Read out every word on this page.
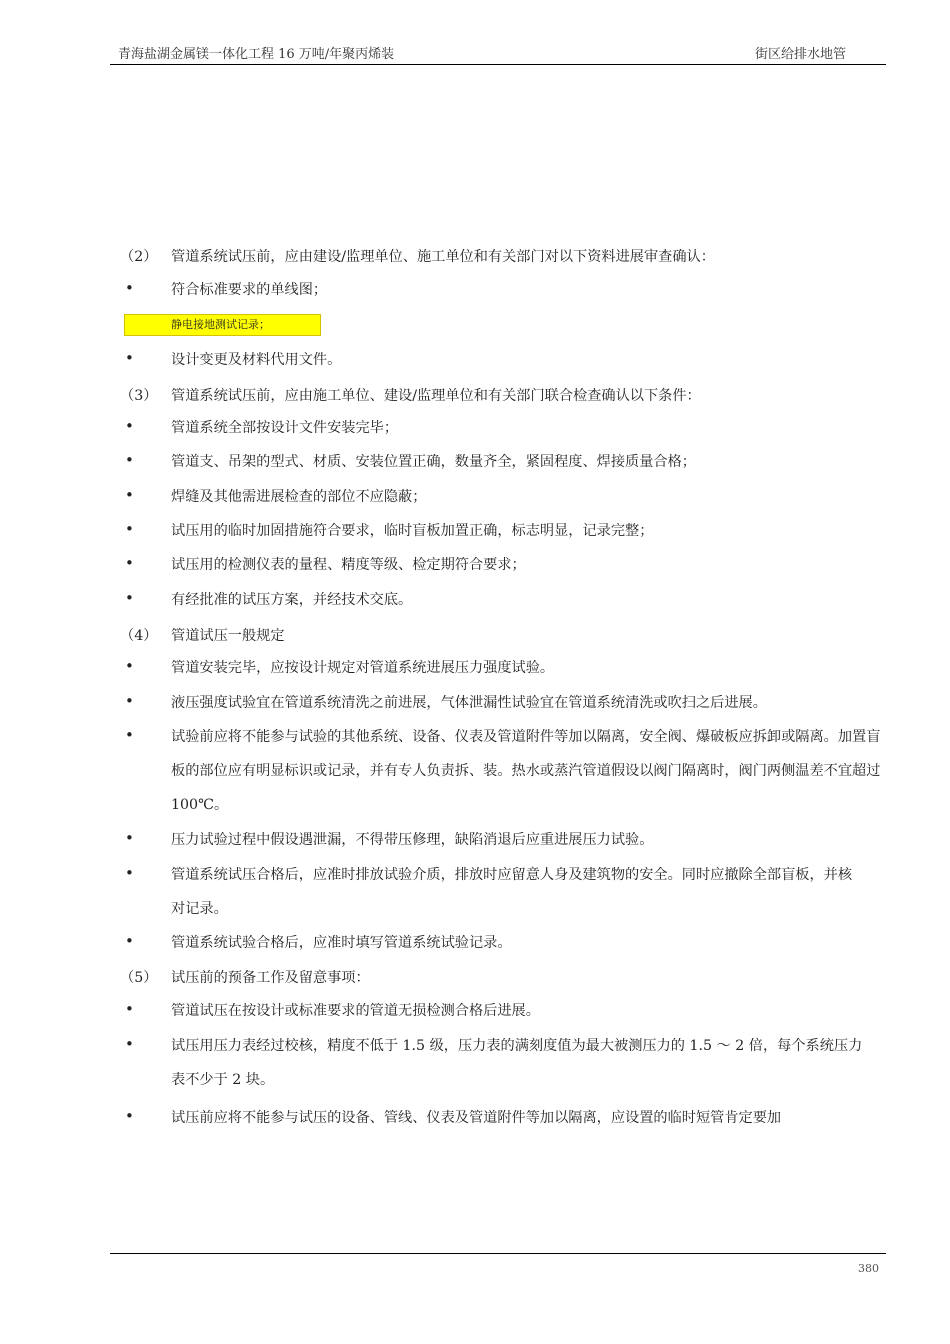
青海盐湖金属镁一体化工程 16 万吨/年聚丙烯装	街区给排水地管
（2） 管道系统试压前，应由建设/监理单位、施工单位和有关部门对以下资料进展审查确认：
•	符合标准要求的单线图；
静电接地测试记录；
•	设计变更及材料代用文件。
（3） 管道系统试压前，应由施工单位、建设/监理单位和有关部门联合检查确认以下条件：
•	管道系统全部按设计文件安装完毕；
•	管道支、吊架的型式、材质、安装位置正确，数量齐全，紧固程度、焊接质量合格；
•	焊缝及其他需进展检查的部位不应隐蔽；
•	试压用的临时加固措施符合要求，临时盲板加置正确，标志明显，记录完整；
•	试压用的检测仪表的量程、精度等级、检定期符合要求；
•	有经批准的试压方案，并经技术交底。
（4） 管道试压一般规定
•	管道安装完毕，应按设计规定对管道系统进展压力强度试验。
•	液压强度试验宜在管道系统清洗之前进展，气体泄漏性试验宜在管道系统清洗或吹扫之后进展。
•	试验前应将不能参与试验的其他系统、设备、仪表及管道附件等加以隔离，安全阀、爆破板应拆卸或隔离。加置盲板的部位应有明显标识或记录，并有专人负责拆、装。热水或蒸汽管道假设以阀门隔离时，阀门两侧温差不宜超过 100℃。
•	压力试验过程中假设遇泄漏，不得带压修理，缺陷消退后应重进展压力试验。
•	管道系统试压合格后，应准时排放试验介质，排放时应留意人身及建筑物的安全。同时应撤除全部盲板，并核对记录。
•	管道系统试验合格后，应准时填写管道系统试验记录。
（5） 试压前的预备工作及留意事项：
•	管道试压在按设计或标准要求的管道无损检测合格后进展。
•	试压用压力表经过校核，精度不低于 1.5 级，压力表的满刻度值为最大被测压力的 1.5 ～ 2 倍，每个系统压力表不少于 2 块。
•	试压前应将不能参与试压的设备、管线、仪表及管道附件等加以隔离，应设置的临时短管肯定要加
380
